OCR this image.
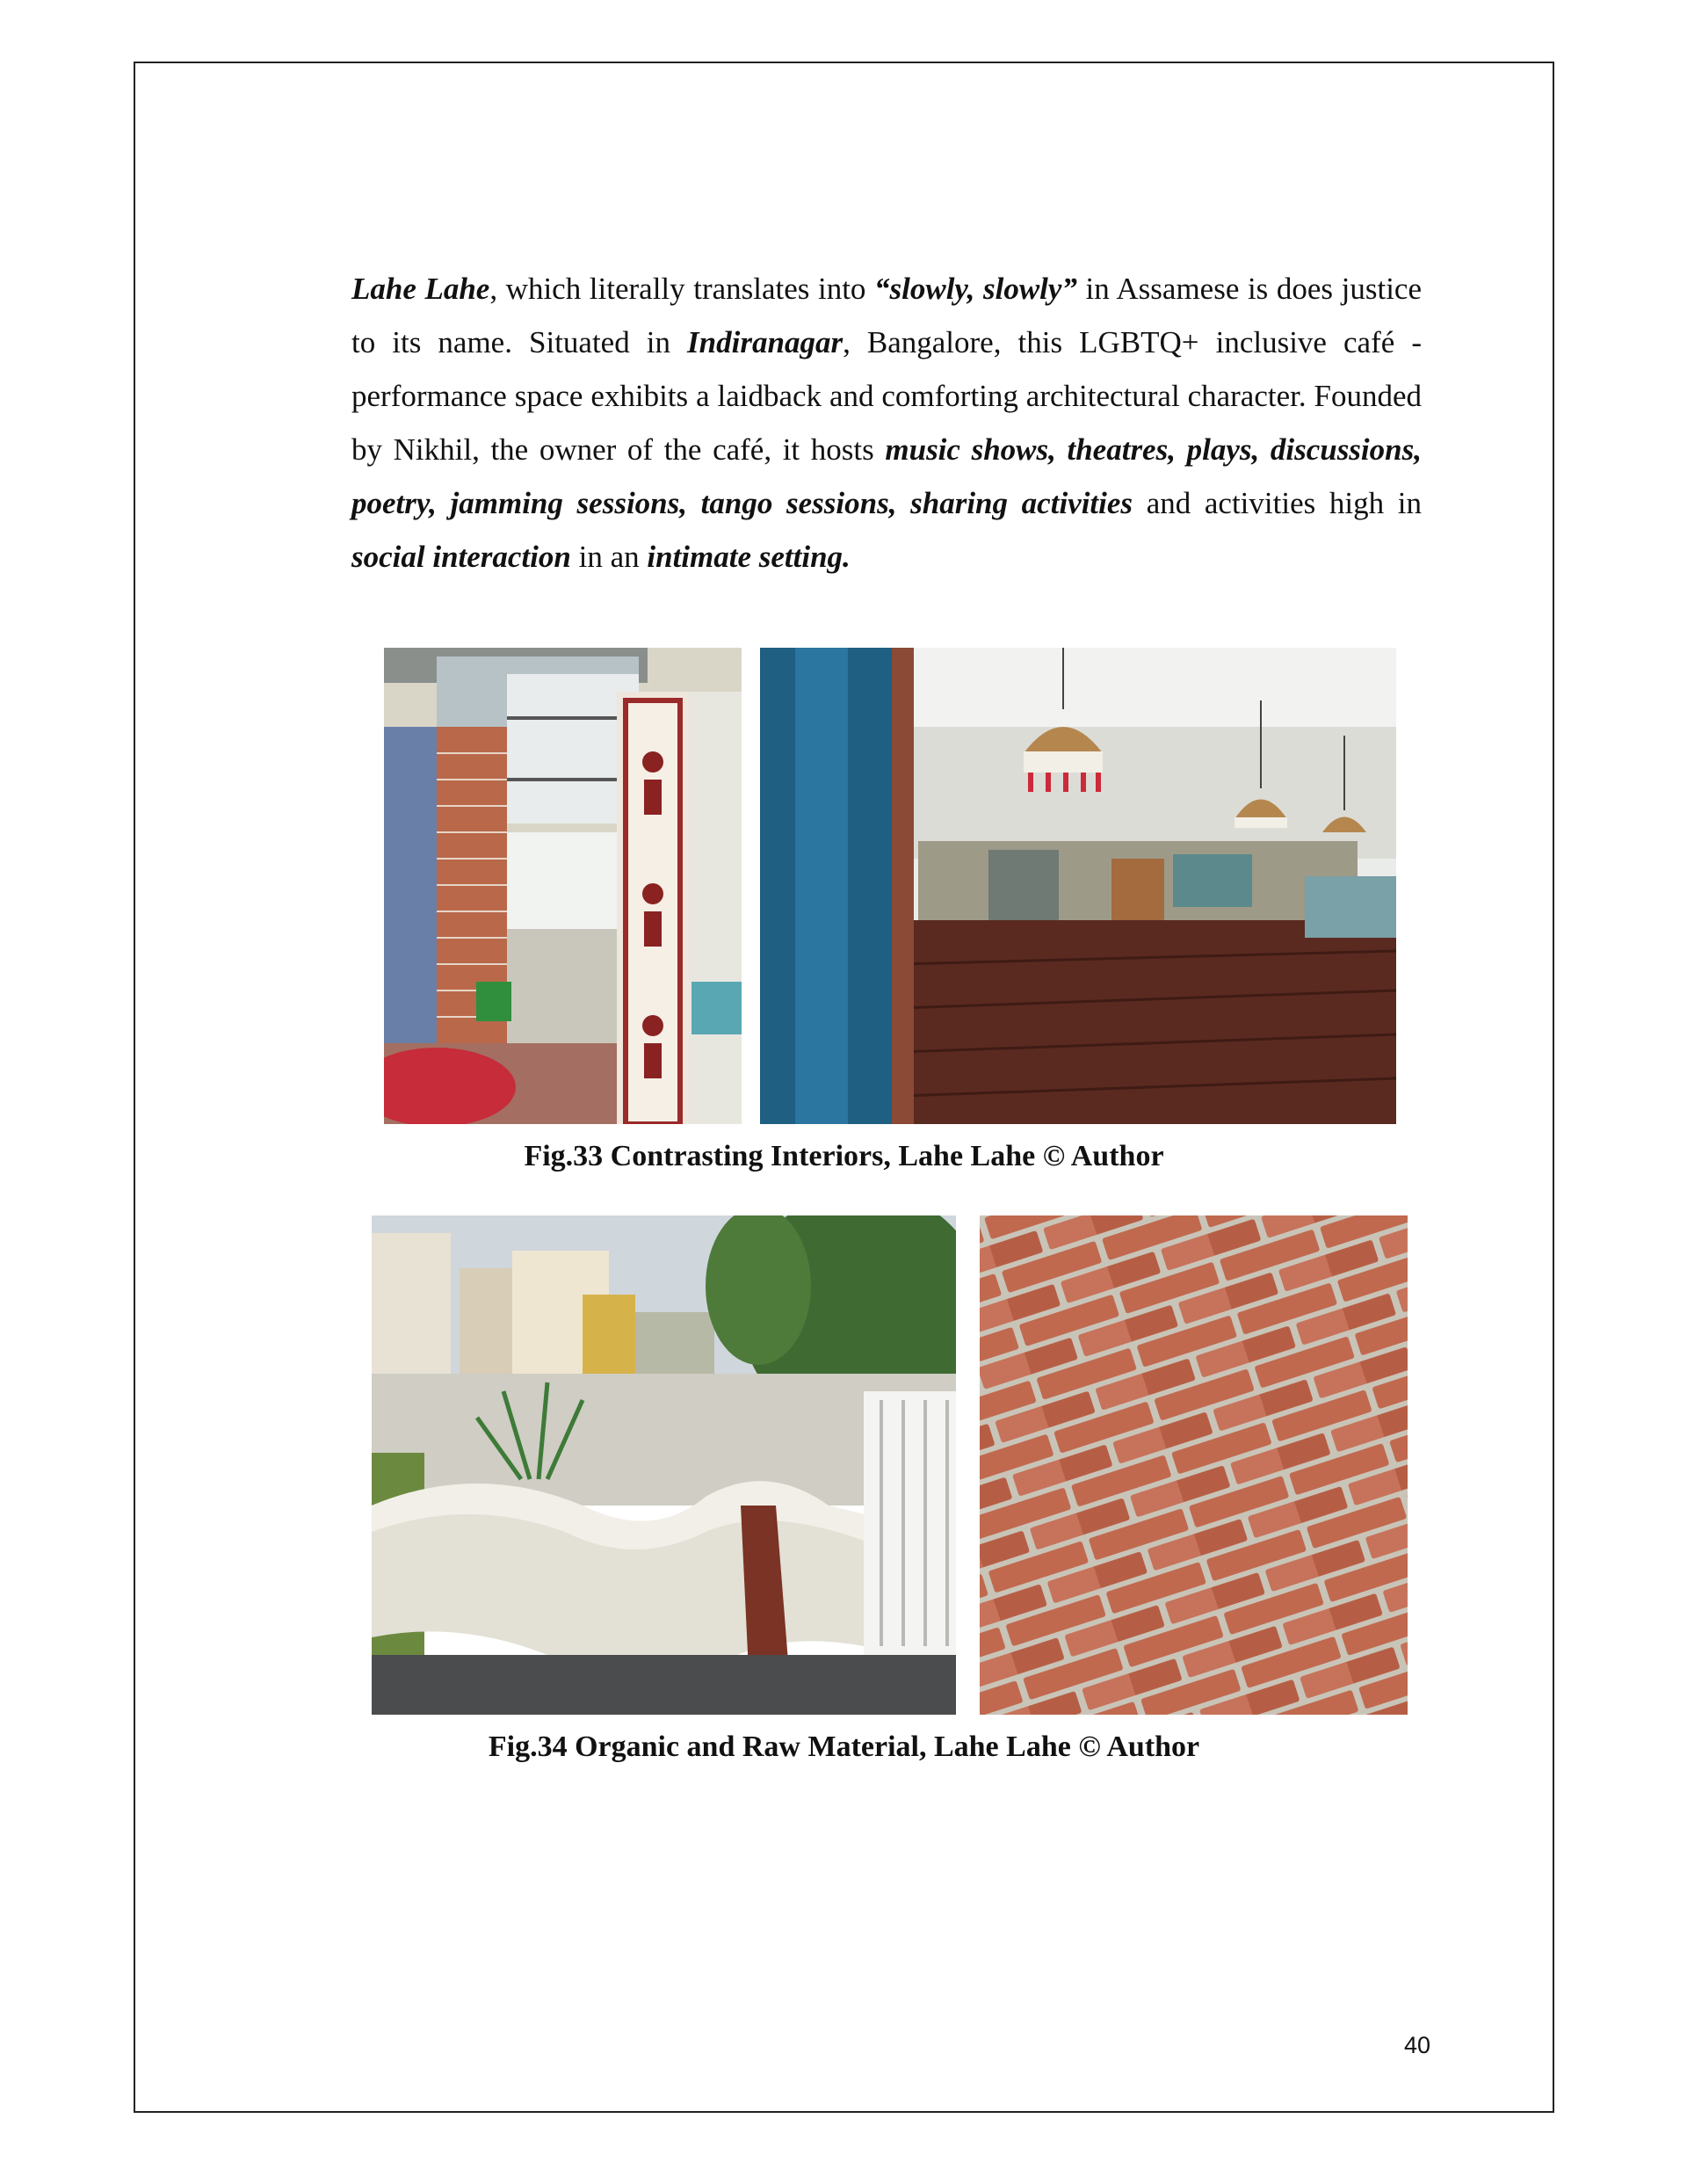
Lahe Lahe, which literally translates into “slowly, slowly” in Assamese is does justice to its name. Situated in Indiranagar, Bangalore, this LGBTQ+ inclusive café - performance space exhibits a laidback and comforting architectural character. Founded by Nikhil, the owner of the café, it hosts music shows, theatres, plays, discussions, poetry, jamming sessions, tango sessions, sharing activities and activities high in social interaction in an intimate setting.

Fig.33 Contrasting Interiors, Lahe Lahe © Author

Fig.34 Organic and Raw Material, Lahe Lahe © Author

40
